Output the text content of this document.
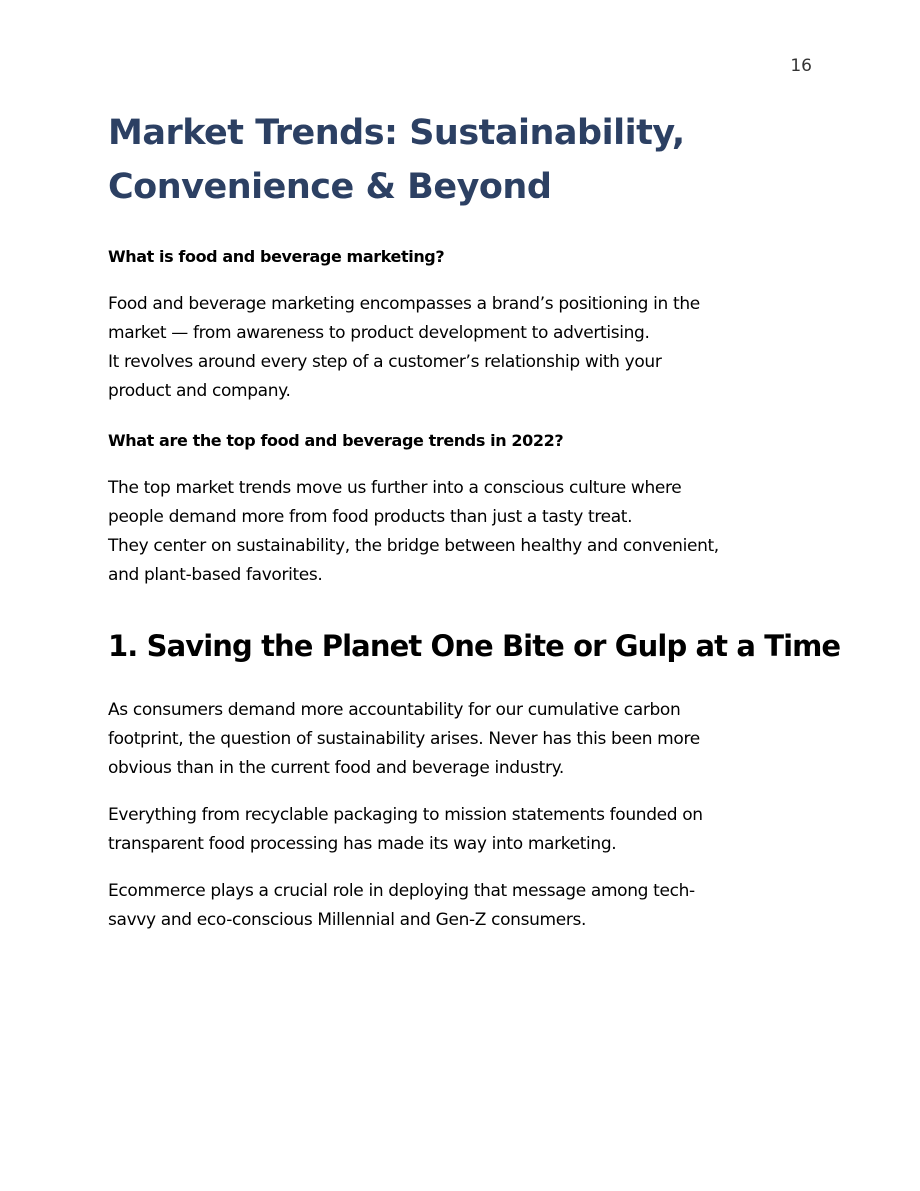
16
Market Trends: Sustainability,
Convenience & Beyond
What is food and beverage marketing?

Food and beverage marketing encompasses a brand’s positioning in the
market — from awareness to product development to advertising.
It revolves around every step of a customer’s relationship with your
product and company.

What are the top food and beverage trends in 2022?

The top market trends move us further into a conscious culture where
people demand more from food products than just a tasty treat.
They center on sustainability, the bridge between healthy and convenient,
and plant-based favorites.

1. Saving the Planet One Bite or Gulp at a Time

As consumers demand more accountability for our cumulative carbon
footprint, the question of sustainability arises. Never has this been more
obvious than in the current food and beverage industry.

Everything from recyclable packaging to mission statements founded on
transparent food processing has made its way into marketing.

Ecommerce plays a crucial role in deploying that message among tech-
savvy and eco-conscious Millennial and Gen-Z consumers.
